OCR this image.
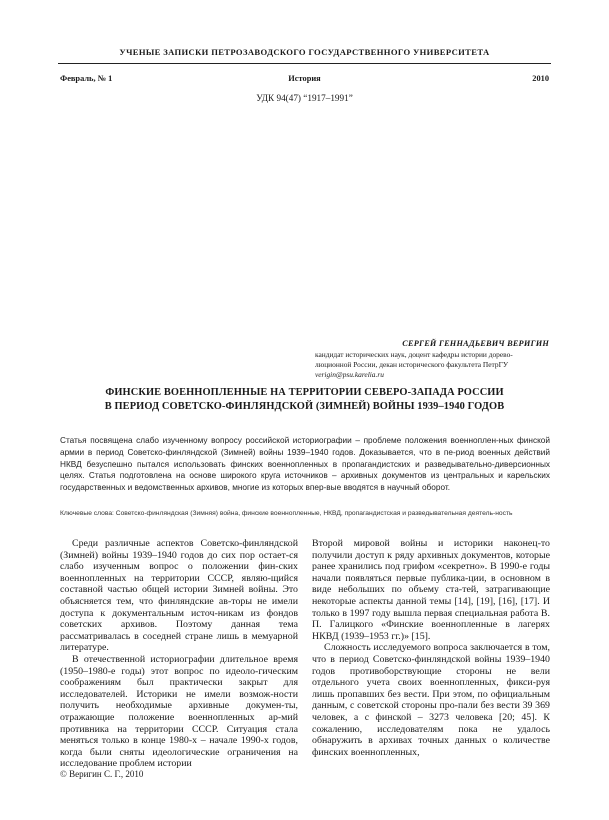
УЧЕНЫЕ ЗАПИСКИ ПЕТРОЗАВОДСКОГО ГОСУДАРСТВЕННОГО УНИВЕРСИТЕТА
Февраль, № 1	История	2010
УДК 94(47) “1917–1991”
СЕРГЕЙ ГЕННАДЬЕВИЧ ВЕРИГИН
кандидат исторических наук, доцент кафедры истории дорево-
люционной России, декан исторического факультета ПетрГУ
verigin@psu.karelia.ru
ФИНСКИЕ ВОЕННОПЛЕННЫЕ НА ТЕРРИТОРИИ СЕВЕРО-ЗАПАДА РОССИИ
В ПЕРИОД СОВЕТСКО-ФИНЛЯНДСКОЙ (ЗИМНЕЙ) ВОЙНЫ 1939–1940 ГОДОВ
Статья посвящена слабо изученному вопросу российской историографии – проблеме положения военноплен-ных финской армии в период Советско-финляндской (Зимней) войны 1939–1940 годов. Доказывается, что в пе-риод военных действий НКВД безуспешно пытался использовать финских военнопленных в пропагандистских и разведывательно-диверсионных целях. Статья подготовлена на основе широкого круга источников – архивных документов из центральных и карельских государственных и ведомственных архивов, многие из которых впер-вые вводятся в научный оборот.
Ключевые слова: Советско-финляндская (Зимняя) война, финские военнопленные, НКВД, пропагандистская и разведывательная деятель-ность

Среди различные аспектов Советско-финляндской (Зимней) войны 1939–1940 годов до сих пор остает-ся слабо изученным вопрос о положении фин-ских военнопленных на территории СССР, являю-щийся составной частью общей истории Зимней войны. Это объясняется тем, что финляндские ав-торы не имели доступа к документальным источ-никам из фондов советских архивов. Поэтому данная тема рассматривалась в соседней стране лишь в мемуарной литературе.

В отечественной историографии длительное время (1950–1980-е годы) этот вопрос по идеоло-гическим соображениям был практически закрыт для исследователей. Историки не имели возмож-ности получить необходимые архивные докумен-ты, отражающие положение военнопленных ар-мий противника на территории СССР. Ситуация стала меняться только в конце 1980-х – начале 1990-х годов, когда были сняты идеологические ограничения на исследование проблем истории

Второй мировой войны и историки наконец-то получили доступ к ряду архивных документов, которые ранее хранились под грифом «секретно». В 1990-е годы начали появляться первые публика-ции, в основном в виде небольших по объему ста-тей, затрагивающие некоторые аспекты данной темы [14], [19], [16], [17]. И только в 1997 году вышла первая специальная работа В. П. Галицкого «Финские военнопленные в лагерях НКВД (1939–1953 гг.)» [15].

Сложность исследуемого вопроса заключается в том, что в период Советско-финляндской войны 1939–1940 годов противоборствующие стороны не вели отдельного учета своих военнопленных, фикси-руя лишь пропавших без вести. При этом, по официальным данным, с советской стороны про-пали без вести 39 369 человек, а с финской – 3273 человека [20; 45]. К сожалению, исследователям пока не удалось обнаружить в архивах точных данных о количестве финских военнопленных,

© Веригин С. Г., 2010
